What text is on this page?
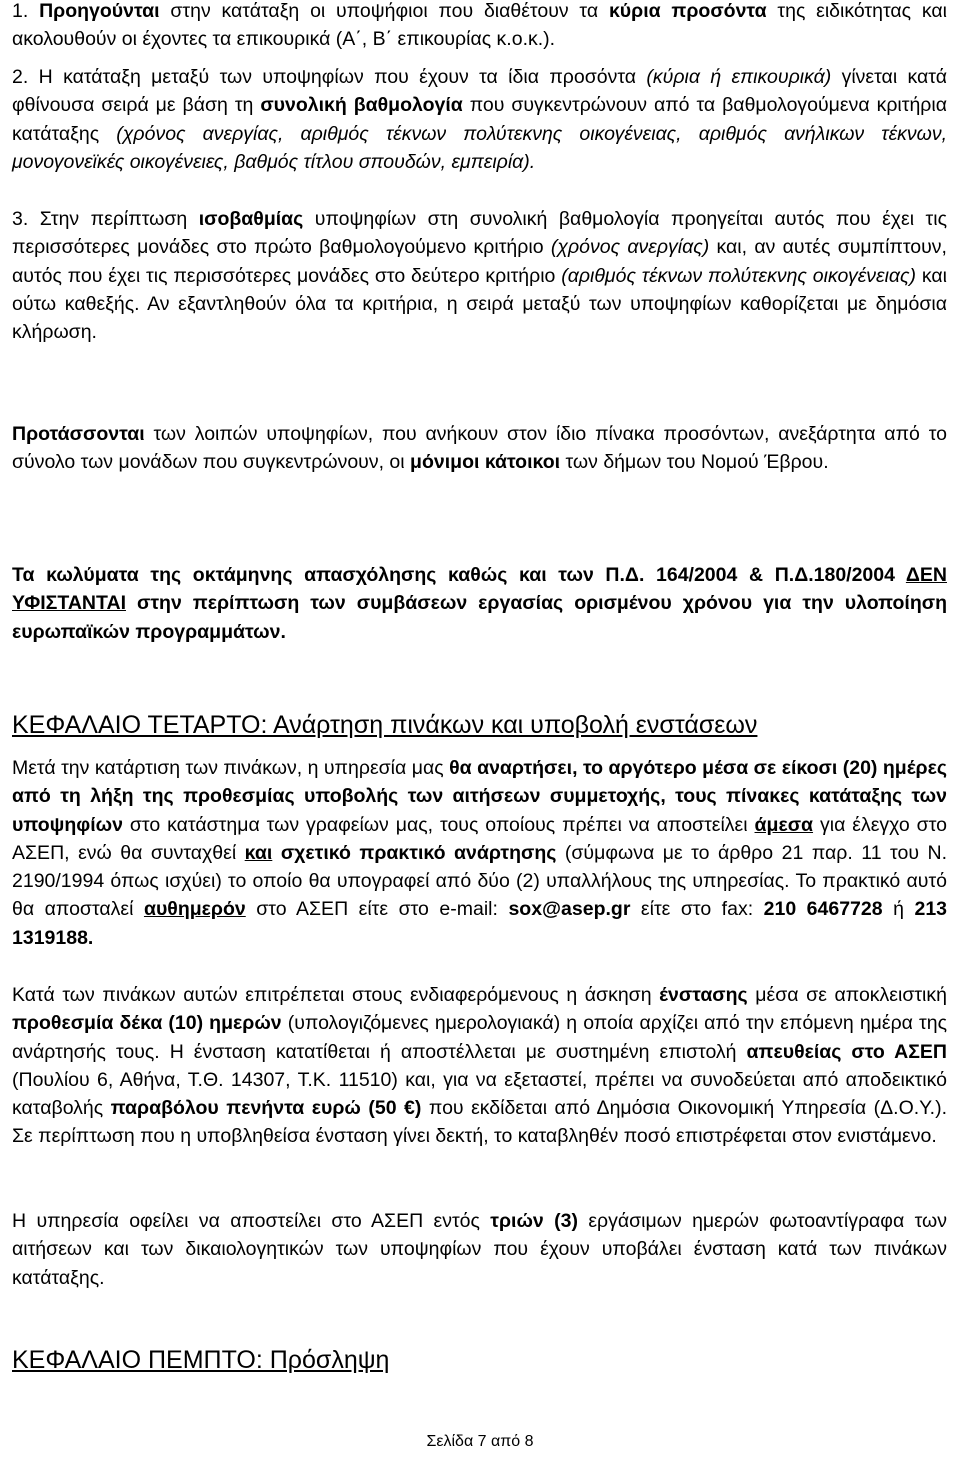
1. Προηγούνται στην κατάταξη οι υποψήφιοι που διαθέτουν τα κύρια προσόντα της ειδικότητας και ακολουθούν οι έχοντες τα επικουρικά (Α΄, Β΄ επικουρίας κ.ο.κ.).

2. Η κατάταξη μεταξύ των υποψηφίων που έχουν τα ίδια προσόντα (κύρια ή επικουρικά) γίνεται κατά φθίνουσα σειρά με βάση τη συνολική βαθμολογία που συγκεντρώνουν από τα βαθμολογούμενα κριτήρια κατάταξης (χρόνος ανεργίας, αριθμός τέκνων πολύτεκνης οικογένειας, αριθμός ανήλικων τέκνων, μονογονεϊκές οικογένειες, βαθμός τίτλου σπουδών, εμπειρία).

3. Στην περίπτωση ισοβαθμίας υποψηφίων στη συνολική βαθμολογία προηγείται αυτός που έχει τις περισσότερες μονάδες στο πρώτο βαθμολογούμενο κριτήριο (χρόνος ανεργίας) και, αν αυτές συμπίπτουν, αυτός που έχει τις περισσότερες μονάδες στο δεύτερο κριτήριο (αριθμός τέκνων πολύτεκνης οικογένειας) και ούτω καθεξής. Αν εξαντληθούν όλα τα κριτήρια, η σειρά μεταξύ των υποψηφίων καθορίζεται με δημόσια κλήρωση.

Προτάσσονται των λοιπών υποψηφίων, που ανήκουν στον ίδιο πίνακα προσόντων, ανεξάρτητα από το σύνολο των μονάδων που συγκεντρώνουν, οι μόνιμοι κάτοικοι των δήμων του Νομού Έβρου.

Τα κωλύματα της οκτάμηνης απασχόλησης καθώς και των Π.Δ. 164/2004 & Π.Δ.180/2004 ΔΕΝ ΥΦΙΣΤΑΝΤΑΙ στην περίπτωση των συμβάσεων εργασίας ορισμένου χρόνου για την υλοποίηση ευρωπαϊκών προγραμμάτων.

ΚΕΦΑΛΑΙΟ ΤΕΤΑΡΤΟ: Ανάρτηση πινάκων και υποβολή ενστάσεων

Μετά την κατάρτιση των πινάκων, η υπηρεσία μας θα αναρτήσει, το αργότερο μέσα σε είκοσι (20) ημέρες από τη λήξη της προθεσμίας υποβολής των αιτήσεων συμμετοχής, τους πίνακες κατάταξης των υποψηφίων στο κατάστημα των γραφείων μας, τους οποίους πρέπει να αποστείλει άμεσα για έλεγχο στο ΑΣΕΠ, ενώ θα συνταχθεί και σχετικό πρακτικό ανάρτησης (σύμφωνα με το άρθρο 21 παρ. 11 του Ν. 2190/1994 όπως ισχύει) το οποίο θα υπογραφεί από δύο (2) υπαλλήλους της υπηρεσίας. Το πρακτικό αυτό θα αποσταλεί αυθημερόν στο ΑΣΕΠ είτε στο e-mail: sox@asep.gr είτε στο fax: 210 6467728 ή 213 1319188.

Κατά των πινάκων αυτών επιτρέπεται στους ενδιαφερόμενους η άσκηση ένστασης μέσα σε αποκλειστική προθεσμία δέκα (10) ημερών (υπολογιζόμενες ημερολογιακά) η οποία αρχίζει από την επόμενη ημέρα της ανάρτησής τους. Η ένσταση κατατίθεται ή αποστέλλεται με συστημένη επιστολή απευθείας στο ΑΣΕΠ (Πουλίου 6, Αθήνα, Τ.Θ. 14307, Τ.Κ. 11510) και, για να εξεταστεί, πρέπει να συνοδεύεται από αποδεικτικό καταβολής παραβόλου πενήντα ευρώ (50 €) που εκδίδεται από Δημόσια Οικονομική Υπηρεσία (Δ.Ο.Υ.). Σε περίπτωση που η υποβληθείσα ένσταση γίνει δεκτή, το καταβληθέν ποσό επιστρέφεται στον ενιστάμενο.

Η υπηρεσία οφείλει να αποστείλει στο ΑΣΕΠ εντός τριών (3) εργάσιμων ημερών φωτοαντίγραφα των αιτήσεων και των δικαιολογητικών των υποψηφίων που έχουν υποβάλει ένσταση κατά των πινάκων κατάταξης.

ΚΕΦΑΛΑΙΟ ΠΕΜΠΤΟ: Πρόσληψη
Σελίδα 7 από 8
